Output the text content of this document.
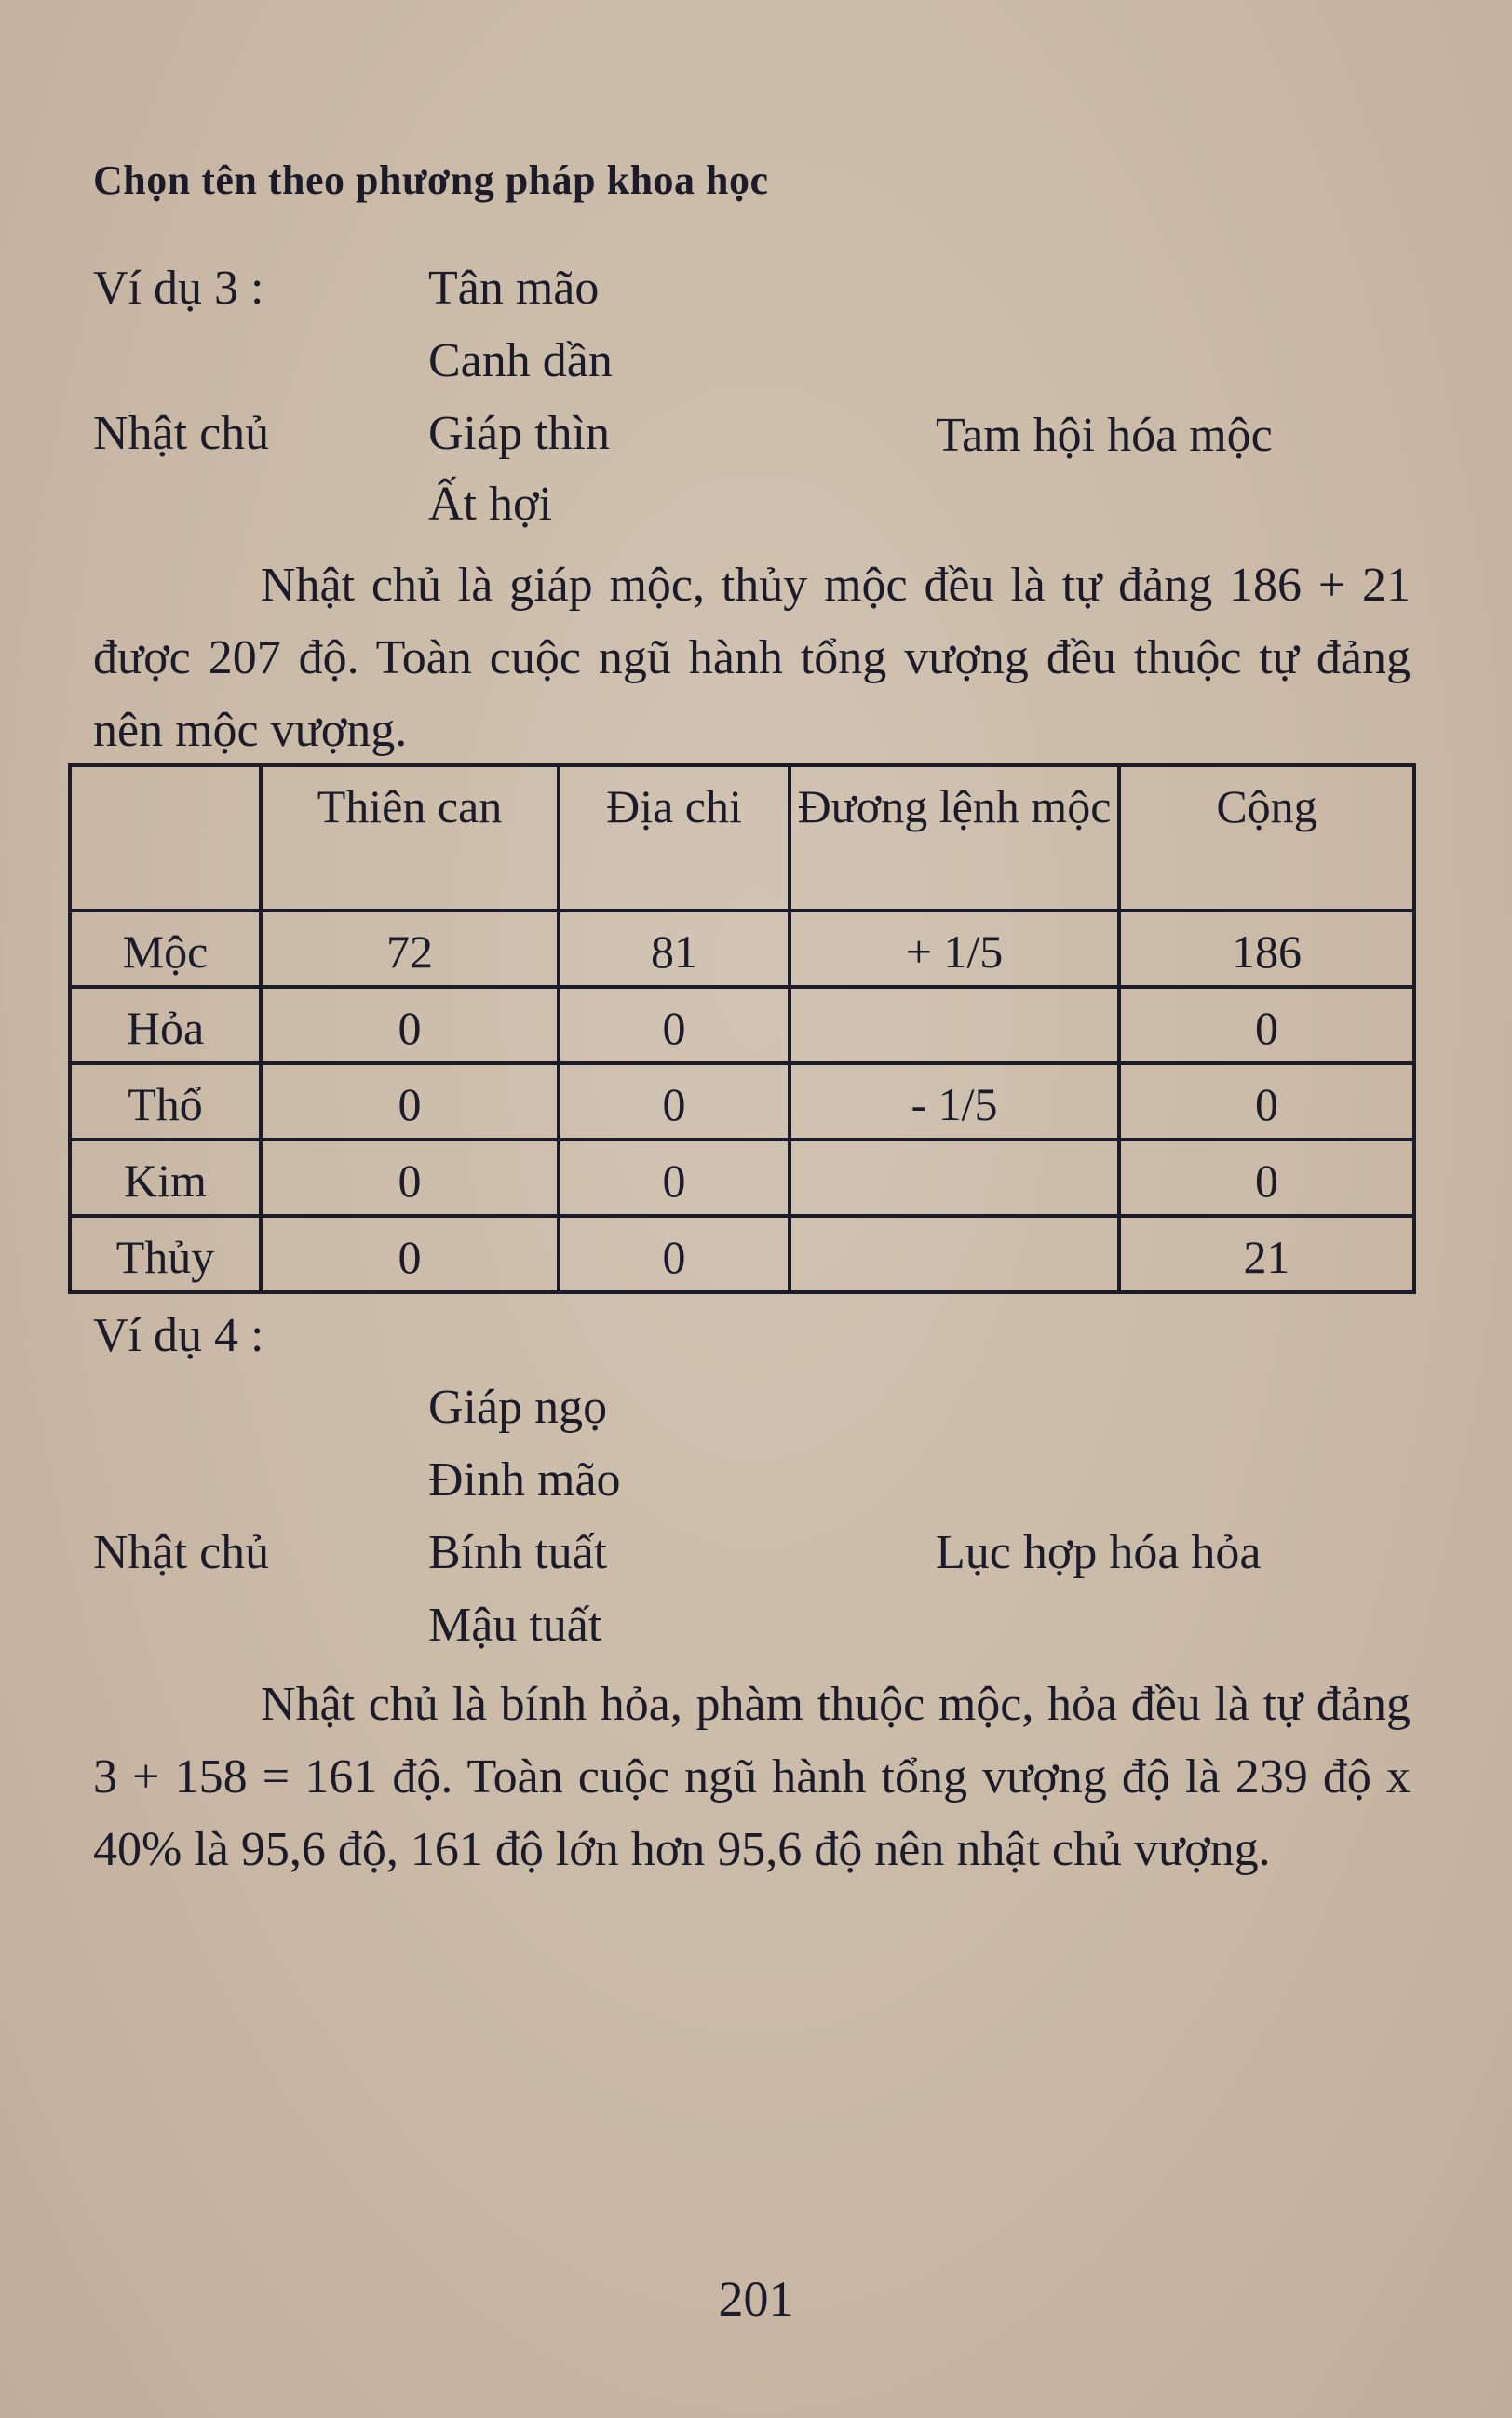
Chọn tên theo phương pháp khoa học
Ví dụ 3 :	Tân mão
Canh dần
Nhật chủ	Giáp thìn	Tam hội hóa mộc
Ất hợi
Nhật chủ là giáp mộc, thủy mộc đều là tự đảng 186 + 21 được 207 độ. Toàn cuộc ngũ hành tổng vượng đều thuộc tự đảng nên mộc vượng.
	Thiên can	Địa chi	Đương lệnh mộc	Cộng
Mộc	72	81	+ 1/5	186
Hỏa	0	0		0
Thổ	0	0	- 1/5	0
Kim	0	0		0
Thủy	0	0		21
Ví dụ 4 :
Giáp ngọ
Đinh mão
Nhật chủ	Bính tuất	Lục hợp hóa hỏa
Mậu tuất
Nhật chủ là bính hỏa, phàm thuộc mộc, hỏa đều là tự đảng 3 + 158 = 161 độ. Toàn cuộc ngũ hành tổng vượng độ là 239 độ x 40% là 95,6 độ, 161 độ lớn hơn 95,6 độ nên nhật chủ vượng.
201
